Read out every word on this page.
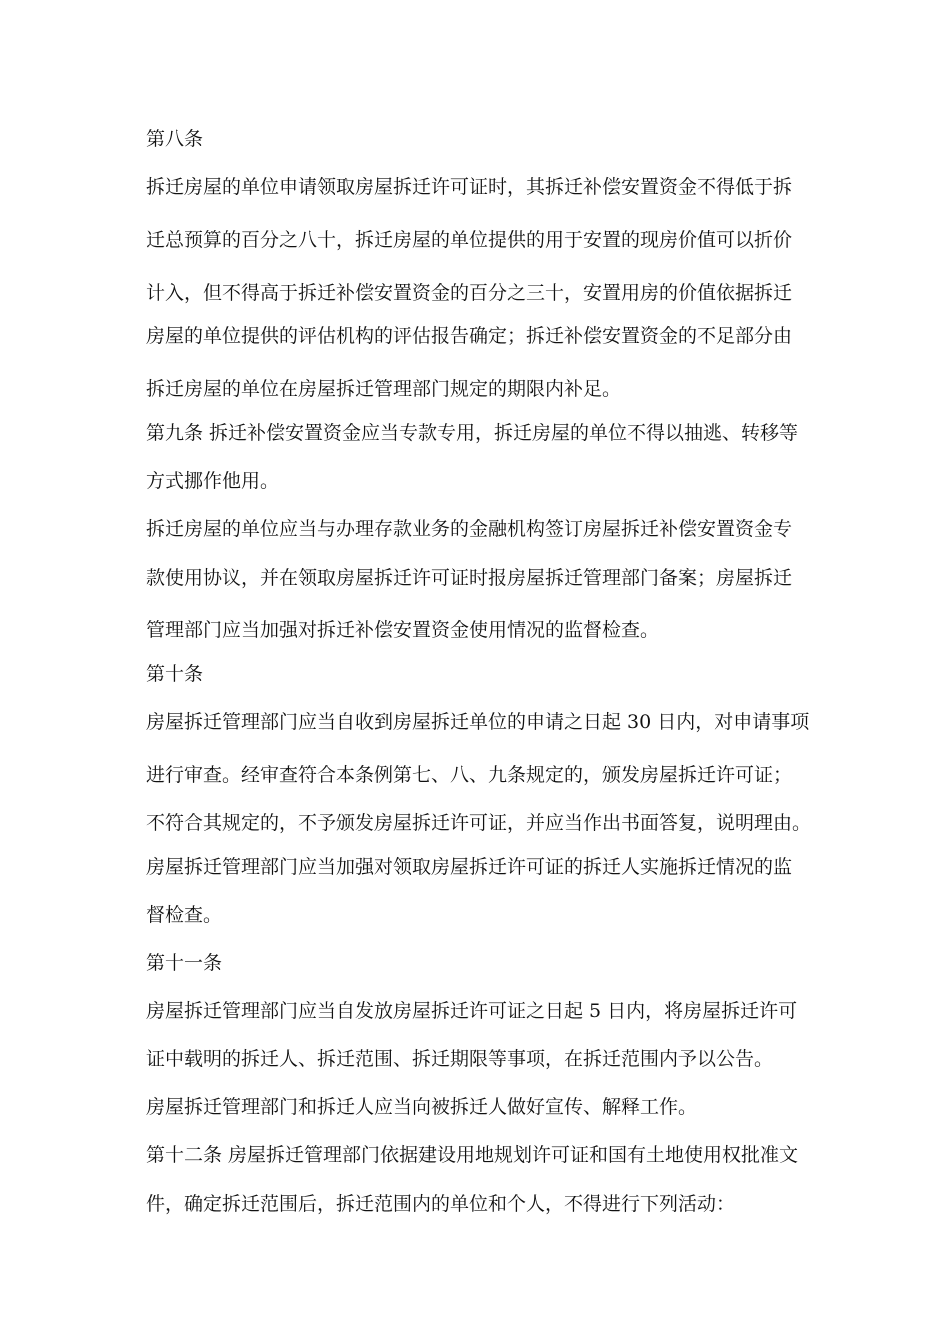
第八条
拆迁房屋的单位申请领取房屋拆迁许可证时，其拆迁补偿安置资金不得低于拆
迁总预算的百分之八十，拆迁房屋的单位提供的用于安置的现房价值可以折价
计入，但不得高于拆迁补偿安置资金的百分之三十，安置用房的价值依据拆迁
房屋的单位提供的评估机构的评估报告确定；拆迁补偿安置资金的不足部分由
拆迁房屋的单位在房屋拆迁管理部门规定的期限内补足。
第九条 拆迁补偿安置资金应当专款专用，拆迁房屋的单位不得以抽逃、转移等
方式挪作他用。
拆迁房屋的单位应当与办理存款业务的金融机构签订房屋拆迁补偿安置资金专
款使用协议，并在领取房屋拆迁许可证时报房屋拆迁管理部门备案；房屋拆迁
管理部门应当加强对拆迁补偿安置资金使用情况的监督检查。
第十条
房屋拆迁管理部门应当自收到房屋拆迁单位的申请之日起 30 日内，对申请事项
进行审查。经审查符合本条例第七、八、九条规定的，颁发房屋拆迁许可证；
不符合其规定的，不予颁发房屋拆迁许可证，并应当作出书面答复，说明理由。
房屋拆迁管理部门应当加强对领取房屋拆迁许可证的拆迁人实施拆迁情况的监
督检查。
第十一条
房屋拆迁管理部门应当自发放房屋拆迁许可证之日起 5 日内，将房屋拆迁许可
证中载明的拆迁人、拆迁范围、拆迁期限等事项，在拆迁范围内予以公告。
房屋拆迁管理部门和拆迁人应当向被拆迁人做好宣传、解释工作。
第十二条 房屋拆迁管理部门依据建设用地规划许可证和国有土地使用权批准文
件，确定拆迁范围后，拆迁范围内的单位和个人，不得进行下列活动：
